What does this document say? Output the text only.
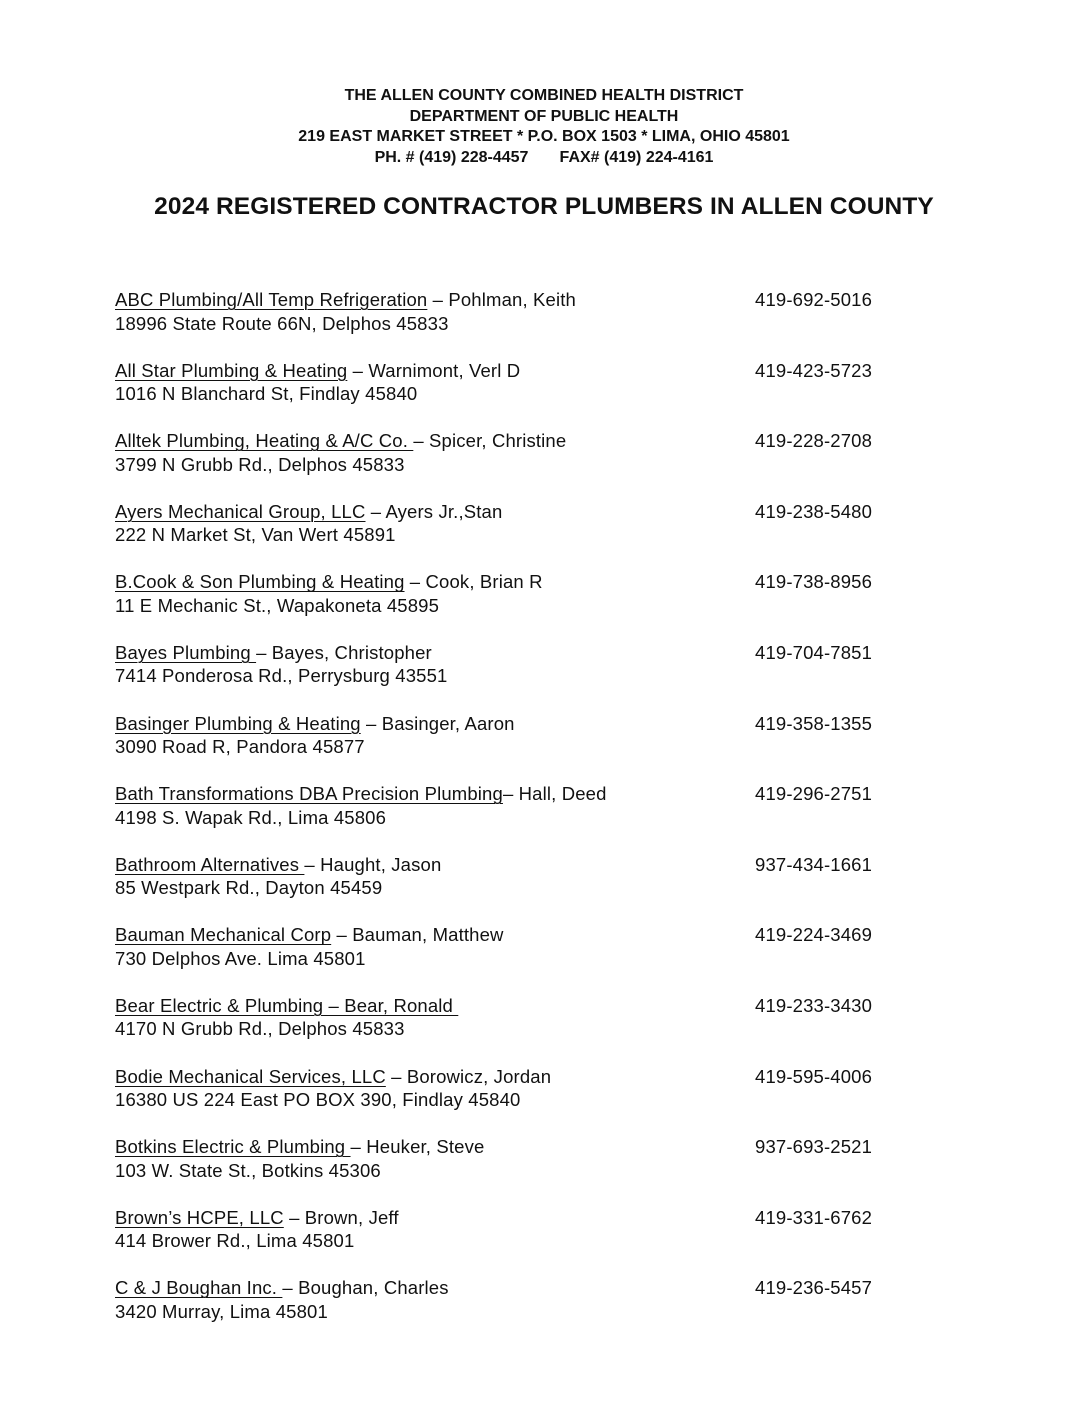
THE ALLEN COUNTY COMBINED HEALTH DISTRICT
DEPARTMENT OF PUBLIC HEALTH
219 EAST MARKET STREET * P.O. BOX 1503 * LIMA, OHIO 45801
PH. # (419) 228-4457       FAX# (419) 224-4161
2024 REGISTERED CONTRACTOR PLUMBERS IN ALLEN COUNTY
ABC Plumbing/All Temp Refrigeration – Pohlman, Keith	419-692-5016
18996 State Route 66N, Delphos 45833
All Star Plumbing & Heating – Warnimont, Verl D	419-423-5723
1016 N Blanchard St, Findlay 45840
Alltek Plumbing, Heating & A/C Co. – Spicer, Christine	419-228-2708
3799 N Grubb Rd., Delphos 45833
Ayers Mechanical Group, LLC – Ayers Jr.,Stan	419-238-5480
222 N Market St, Van Wert 45891
B.Cook & Son Plumbing & Heating – Cook, Brian R	419-738-8956
11 E Mechanic St., Wapakoneta 45895
Bayes Plumbing – Bayes, Christopher	419-704-7851
7414 Ponderosa Rd., Perrysburg 43551
Basinger Plumbing & Heating – Basinger, Aaron	419-358-1355
3090 Road R, Pandora 45877
Bath Transformations DBA Precision Plumbing– Hall, Deed	419-296-2751
4198 S. Wapak Rd., Lima 45806
Bathroom Alternatives – Haught, Jason	937-434-1661
85 Westpark Rd., Dayton 45459
Bauman Mechanical Corp – Bauman, Matthew	419-224-3469
730 Delphos Ave. Lima 45801
Bear Electric & Plumbing – Bear, Ronald	419-233-3430
4170 N Grubb Rd., Delphos 45833
Bodie Mechanical Services, LLC – Borowicz, Jordan	419-595-4006
16380 US 224 East PO BOX 390, Findlay 45840
Botkins Electric & Plumbing – Heuker, Steve	937-693-2521
103 W. State St., Botkins 45306
Brown’s HCPE, LLC – Brown, Jeff	419-331-6762
414 Brower Rd., Lima 45801
C & J Boughan Inc. – Boughan, Charles	419-236-5457
3420 Murray, Lima 45801
